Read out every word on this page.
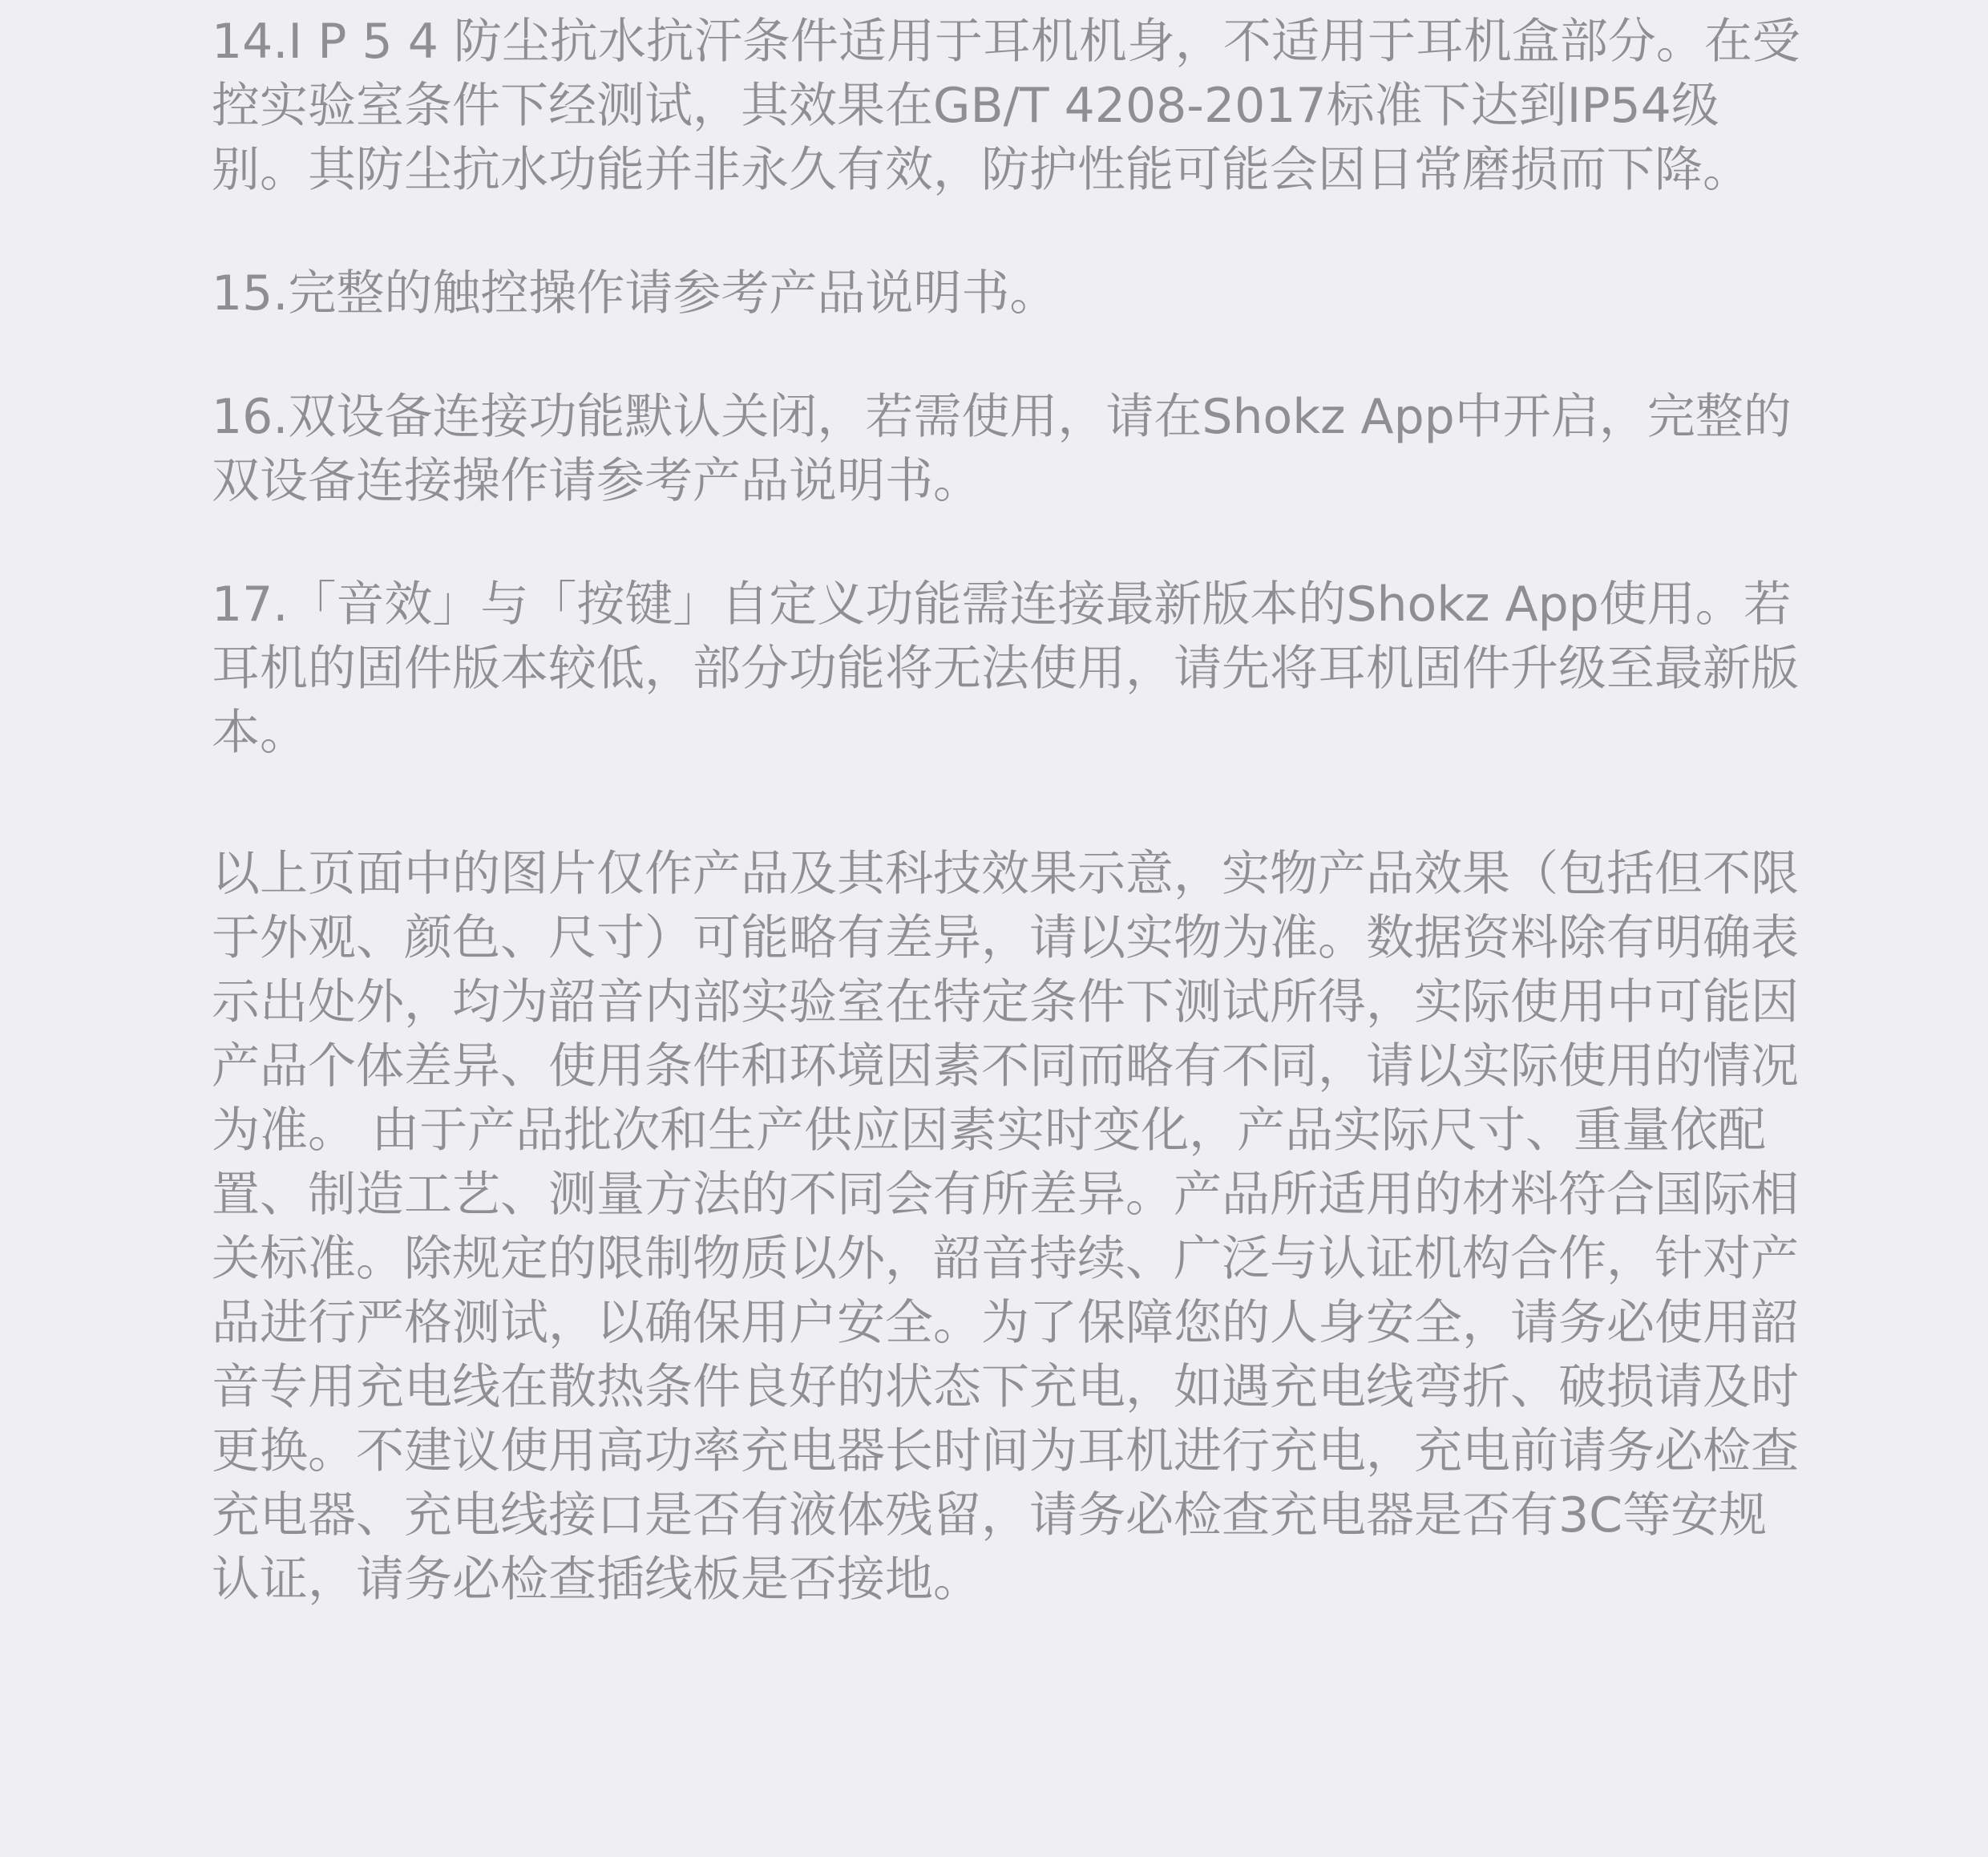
14.I P 5 4 防尘抗水抗汗条件适用于耳机机身，不适用于耳机盒部分。在受控实验室条件下经测试，其效果在GB/T 4208-2017标准下达到IP54级别。其防尘抗水功能并非永久有效，防护性能可能会因日常磨损而下降。

15.完整的触控操作请参考产品说明书。

16.双设备连接功能默认关闭，若需使用，请在Shokz App中开启，完整的双设备连接操作请参考产品说明书。

17.「音效」与「按键」自定义功能需连接最新版本的Shokz App使用。若耳机的固件版本较低，部分功能将无法使用，请先将耳机固件升级至最新版本。

以上页面中的图片仅作产品及其科技效果示意，实物产品效果（包括但不限于外观、颜色、尺寸）可能略有差异，请以实物为准。数据资料除有明确表示出处外，均为韶音内部实验室在特定条件下测试所得，实际使用中可能因产品个体差异、使用条件和环境因素不同而略有不同，请以实际使用的情况为准。 由于产品批次和生产供应因素实时变化，产品实际尺寸、重量依配置、制造工艺、测量方法的不同会有所差异。产品所适用的材料符合国际相关标准。除规定的限制物质以外，韶音持续、广泛与认证机构合作，针对产品进行严格测试，以确保用户安全。为了保障您的人身安全，请务必使用韶音专用充电线在散热条件良好的状态下充电，如遇充电线弯折、破损请及时更换。不建议使用高功率充电器长时间为耳机进行充电，充电前请务必检查充电器、充电线接口是否有液体残留，请务必检查充电器是否有3C等安规认证，请务必检查插线板是否接地。
